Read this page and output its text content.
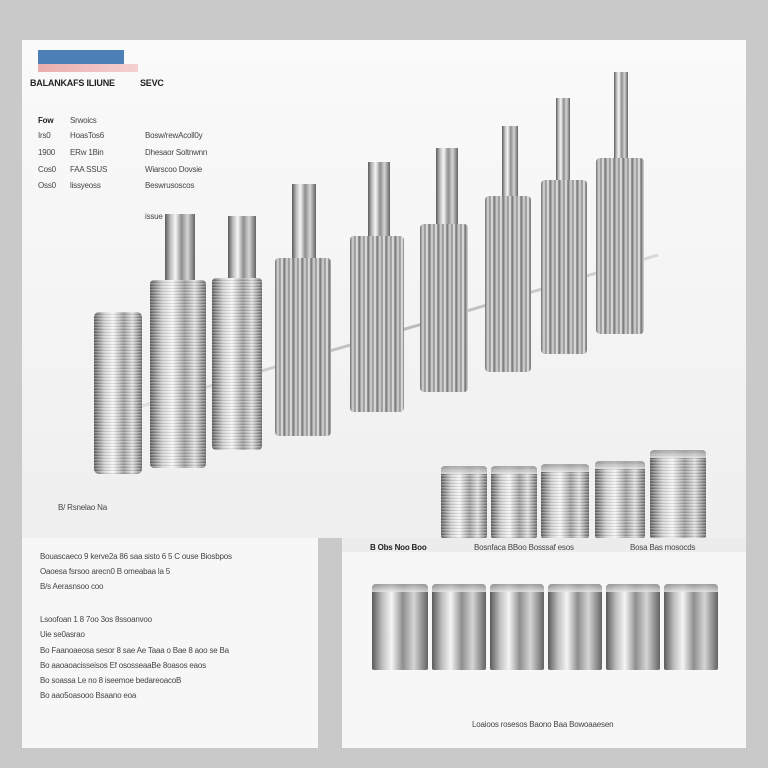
BALANKAFS ILIUNE	SEVC
Fow Srwoics
Irs0 HoasTos6	Bosw/rewAcoll0y
1900 ERw 1Bin	Dhesaor Soltnwnn
Cos0 FAA SSUS	Wiarscoo Dovsie
Oss0 lissyeoss	Beswrusoscos
issue
B/ Rsnelao Na
Bouascaeco 9 kerve2a 86 saa sisto 6 5 C ouse Biosbpos
Oaoesa fsrsoo arecn0 B omeabaa la 5
B/s Aerasnsoo coo
Lsoofoan 1 8 7oo 3os 8ssoanvoo
Uie se0asrao
Bo Faanoaeosa sesor 8 sae Ae Taaa o Bae 8 aoo se Ba
Bo aaoaoacisseisos Ef ososseaaBe 8oasos eaos
Bo soassa Le no 8 iseemoe bedareoacoB
Bo aao5oasooo Bsaano eoa
B Obs Noo Boo	Bosnfaca BBoo Bosssaf esos	Bosa Bas mosocds
Loaioos rosesos Baono Baa Bowoaaesen
